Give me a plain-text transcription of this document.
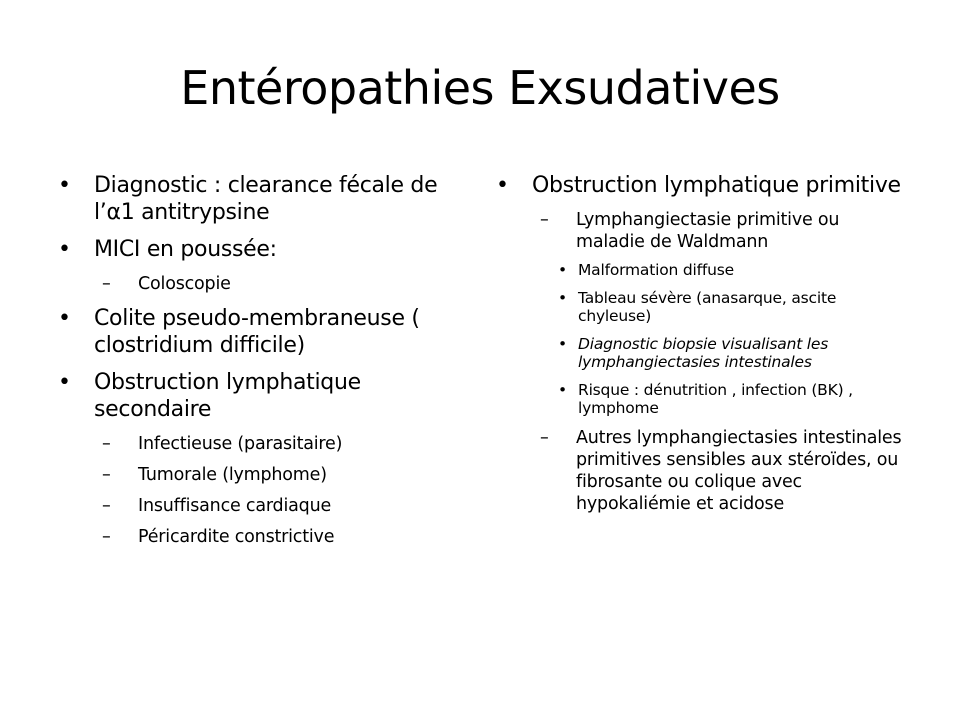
Entéropathies Exsudatives
• Diagnostic : clearance fécale de l’α1 antitrypsine
• MICI en poussée:
– Coloscopie
• Colite pseudo-membraneuse ( clostridium difficile)
• Obstruction lymphatique secondaire
– Infectieuse (parasitaire)
– Tumorale (lymphome)
– Insuffisance cardiaque
– Péricardite constrictive
• Obstruction lymphatique primitive
– Lymphangiectasie primitive ou maladie de Waldmann
• Malformation diffuse
• Tableau sévère (anasarque, ascite chyleuse)
• Diagnostic biopsie visualisant les lymphangiectasies intestinales
• Risque : dénutrition , infection (BK) , lymphome
– Autres lymphangiectasies intestinales primitives sensibles aux stéroïdes, ou fibrosante ou colique avec hypokaliémie et acidose
